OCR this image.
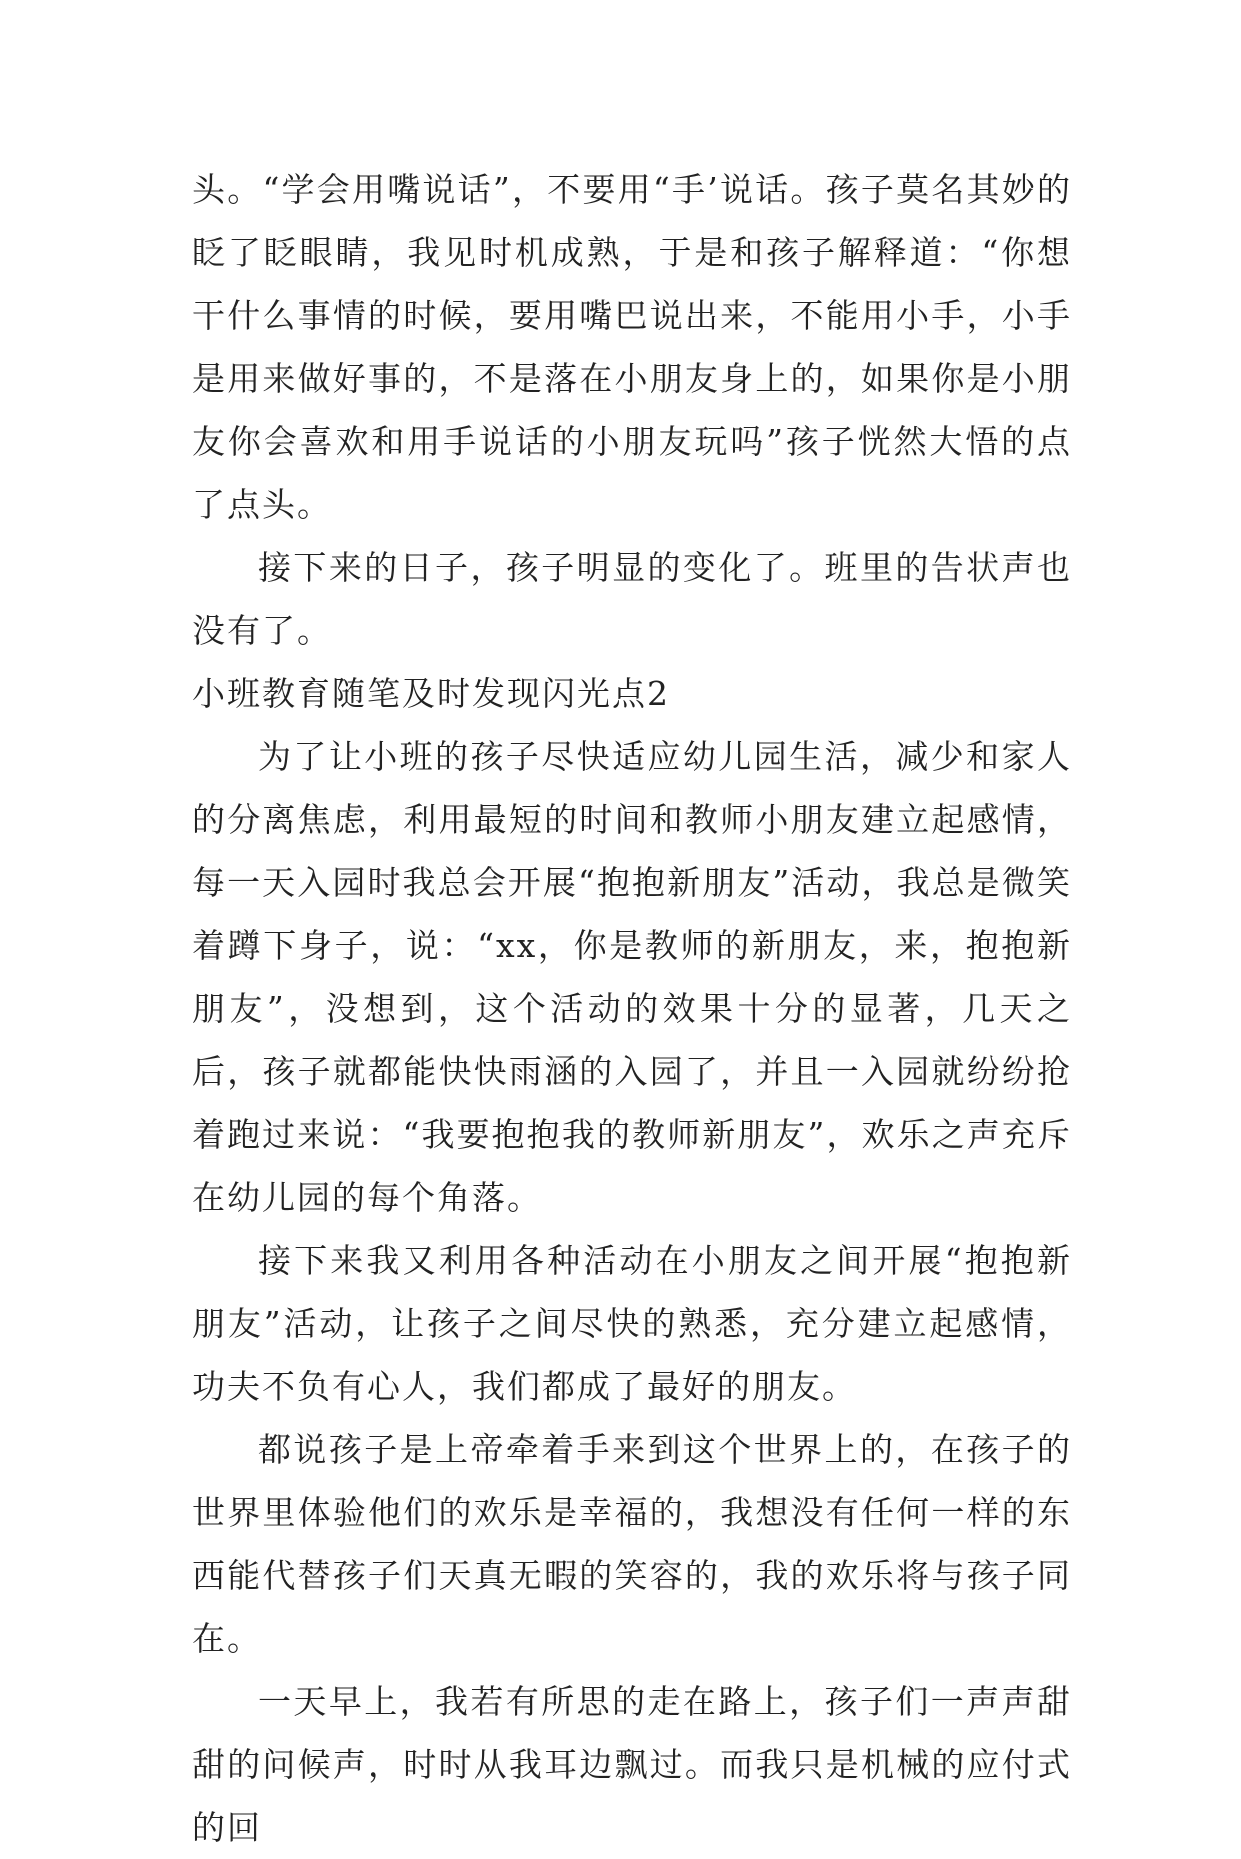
头。“学会用嘴说话”，不要用“手’说话。孩子莫名其妙的眨了眨眼睛，我见时机成熟，于是和孩子解释道：“你想干什么事情的时候，要用嘴巴说出来，不能用小手，小手是用来做好事的，不是落在小朋友身上的，如果你是小朋友你会喜欢和用手说话的小朋友玩吗”孩子恍然大悟的点了点头。

接下来的日子，孩子明显的变化了。班里的告状声也没有了。

小班教育随笔及时发现闪光点2

为了让小班的孩子尽快适应幼儿园生活，减少和家人的分离焦虑，利用最短的时间和教师小朋友建立起感情，每一天入园时我总会开展“抱抱新朋友”活动，我总是微笑着蹲下身子，说：“xx，你是教师的新朋友，来，抱抱新朋友”，没想到，这个活动的效果十分的显著，几天之后，孩子就都能快快雨涵的入园了，并且一入园就纷纷抢着跑过来说：“我要抱抱我的教师新朋友”，欢乐之声充斥在幼儿园的每个角落。

接下来我又利用各种活动在小朋友之间开展“抱抱新朋友”活动，让孩子之间尽快的熟悉，充分建立起感情，功夫不负有心人，我们都成了最好的朋友。

都说孩子是上帝牵着手来到这个世界上的，在孩子的世界里体验他们的欢乐是幸福的，我想没有任何一样的东西能代替孩子们天真无暇的笑容的，我的欢乐将与孩子同在。

一天早上，我若有所思的走在路上，孩子们一声声甜甜的问候声，时时从我耳边飘过。而我只是机械的应付式的回
